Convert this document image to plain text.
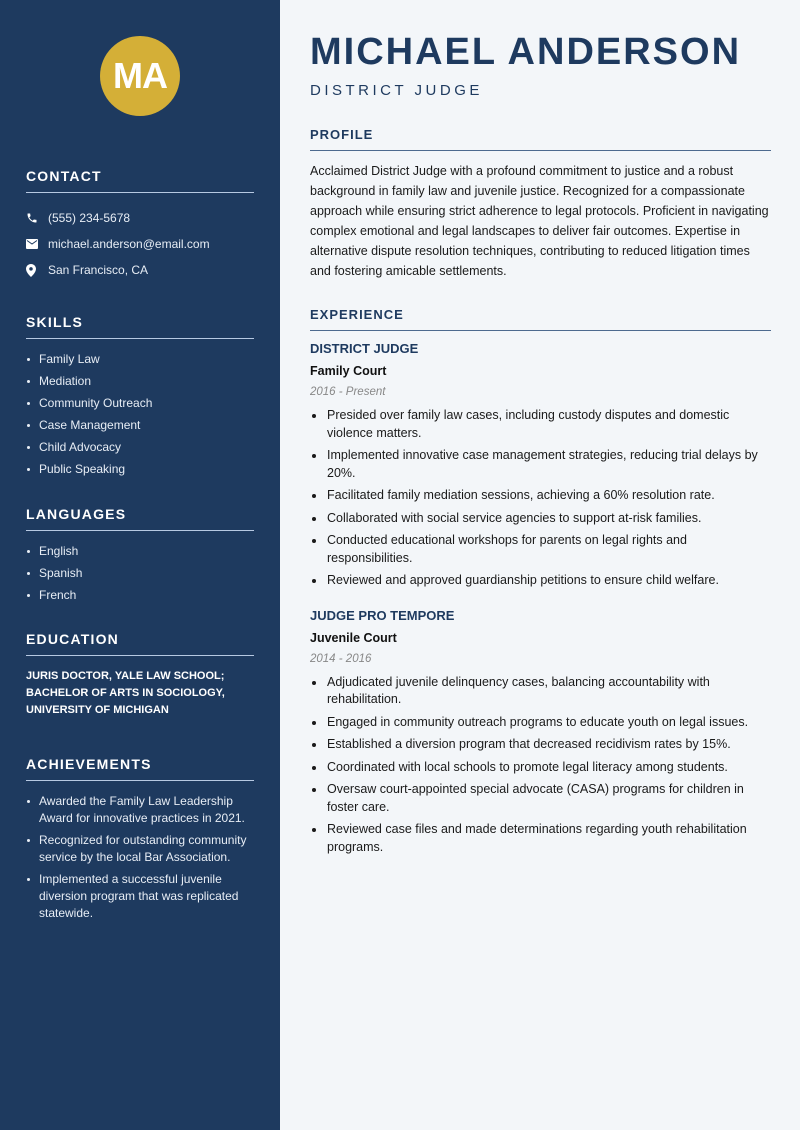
MA
CONTACT
(555) 234-5678
michael.anderson@email.com
San Francisco, CA
SKILLS
Family Law
Mediation
Community Outreach
Case Management
Child Advocacy
Public Speaking
LANGUAGES
English
Spanish
French
EDUCATION

JURIS DOCTOR, YALE LAW SCHOOL; BACHELOR OF ARTS IN SOCIOLOGY, UNIVERSITY OF MICHIGAN

ACHIEVEMENTS
Awarded the Family Law Leadership Award for innovative practices in 2021.
Recognized for outstanding community service by the local Bar Association.
Implemented a successful juvenile diversion program that was replicated statewide.
MICHAEL ANDERSON
DISTRICT JUDGE
PROFILE

Acclaimed District Judge with a profound commitment to justice and a robust background in family law and juvenile justice. Recognized for a compassionate approach while ensuring strict adherence to legal protocols. Proficient in navigating complex emotional and legal landscapes to deliver fair outcomes. Expertise in alternative dispute resolution techniques, contributing to reduced litigation times and fostering amicable settlements.

EXPERIENCE
DISTRICT JUDGE
Family Court
2016 - Present
Presided over family law cases, including custody disputes and domestic violence matters.
Implemented innovative case management strategies, reducing trial delays by 20%.
Facilitated family mediation sessions, achieving a 60% resolution rate.
Collaborated with social service agencies to support at-risk families.
Conducted educational workshops for parents on legal rights and responsibilities.
Reviewed and approved guardianship petitions to ensure child welfare.
JUDGE PRO TEMPORE
Juvenile Court
2014 - 2016
Adjudicated juvenile delinquency cases, balancing accountability with rehabilitation.
Engaged in community outreach programs to educate youth on legal issues.
Established a diversion program that decreased recidivism rates by 15%.
Coordinated with local schools to promote legal literacy among students.
Oversaw court-appointed special advocate (CASA) programs for children in foster care.
Reviewed case files and made determinations regarding youth rehabilitation programs.
